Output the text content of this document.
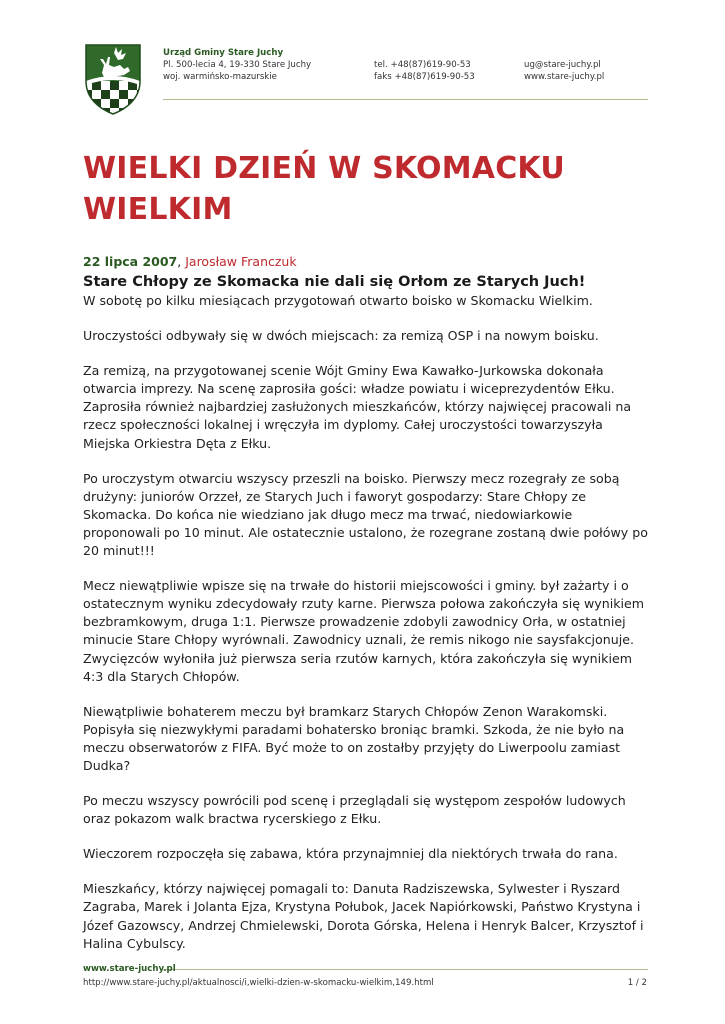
Urząd Gminy Stare Juchy
Pl. 500-lecia 4, 19-330 Stare Juchy
woj. warmińsko-mazurskie

tel. +48(87)619-90-53
faks +48(87)619-90-53

ug@stare-juchy.pl
www.stare-juchy.pl
WIELKI DZIEŃ W SKOMACKU WIELKIM

22 lipca 2007, Jarosław Franczuk

Stare Chłopy ze Skomacka nie dali się Orłom ze Starych Juch!

W sobotę po kilku miesiącach przygotowań otwarto boisko w Skomacku Wielkim.

Uroczystości odbywały się w dwóch miejscach: za remizą OSP i na nowym boisku.

Za remizą, na przygotowanej scenie Wójt Gminy Ewa Kawałko-Jurkowska dokonała otwarcia imprezy. Na scenę zaprosiła gości: władze powiatu i wiceprezydentów Ełku. Zaprosiła również najbardziej zasłużonych mieszkańców, którzy najwięcej pracowali na rzecz społeczności lokalnej i wręczyła im dyplomy. Całej uroczystości towarzyszyła Miejska Orkiestra Dęta z Ełku.

Po uroczystym otwarciu wszyscy przeszli na boisko. Pierwszy mecz rozegrały ze sobą drużyny: juniorów Orzzeł, ze Starych Juch i faworyt gospodarzy: Stare Chłopy ze Skomacka. Do końca nie wiedziano jak długo mecz ma trwać, niedowiarkowie proponowali po 10 minut. Ale ostatecznie ustalono, że rozegrane zostaną dwie połówy po 20 minut!!!

Mecz niewątpliwie wpisze się na trwałe do historii miejscowości i gminy. był zażarty i o ostatecznym wyniku zdecydowały rzuty karne. Pierwsza połowa zakończyła się wynikiem bezbramkowym, druga 1:1. Pierwsze prowadzenie zdobyli zawodnicy Orła, w ostatniej minucie Stare Chłopy wyrównali. Zawodnicy uznali, że remis nikogo nie saysfakcjonuje. Zwycięzców wyłoniła już pierwsza seria rzutów karnych, która zakończyła się wynikiem 4:3 dla Starych Chłopów.

Niewątpliwie bohaterem meczu był bramkarz Starych Chłopów Zenon Warakomski. Popisyła się niezwykłymi paradami bohatersko broniąc bramki. Szkoda, że nie było na meczu obserwatorów z FIFA. Być może to on zostałby przyjęty do Liwerpoolu zamiast Dudka?

Po meczu wszyscy powrócili pod scenę i przeglądali się występom zespołów ludowych oraz pokazom walk bractwa rycerskiego z Ełku.

Wieczorem rozpoczęła się zabawa, która przynajmniej dla niektórych trwała do rana.

Mieszkańcy, którzy najwięcej pomagali to: Danuta Radziszewska, Sylwester i Ryszard Zagraba, Marek i Jolanta Ejza, Krystyna Połubok, Jacek Napiórkowski, Państwo Krystyna i Józef Gazowscy, Andrzej Chmielewski, Dorota Górska, Helena i Henryk Balcer, Krzysztof i Halina Cybulscy.

www.stare-juchy.pl
http://www.stare-juchy.pl/aktualnosci/i,wielki-dzien-w-skomacku-wielkim,149.html	1 / 2
